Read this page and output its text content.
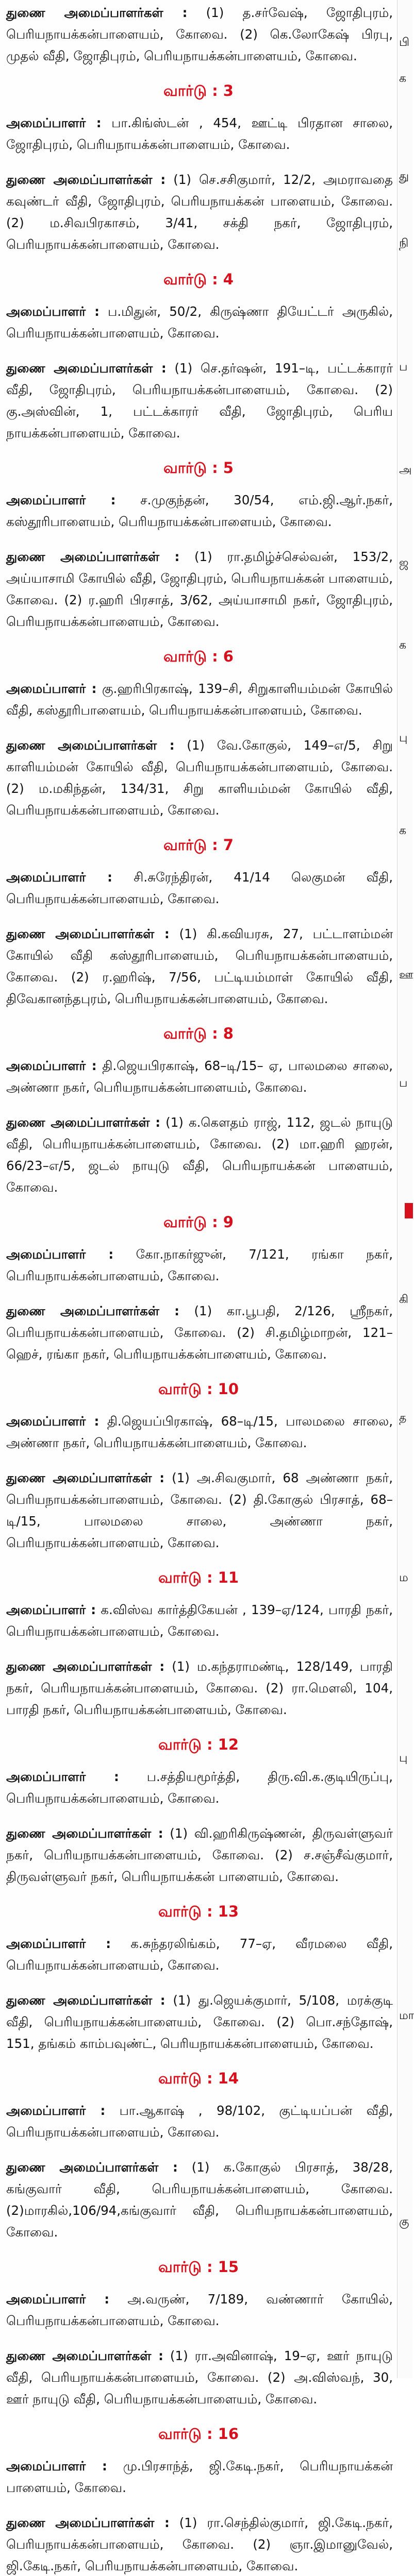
துணை அமைப்பாளர்கள் : (1) த.சர்வேஷ், ஜோதிபுரம், பெரியநாயக்கன்பாளையம், கோவை. (2) கெ.லோகேஷ் பிரபு, முதல் வீதி, ஜோதிபுரம், பெரியநாயக்கன்பாளையம், கோவை.
வார்டு : 3
அமைப்பாளர் : பா.கிங்ஸ்டன் , 454, ஊட்டி பிரதான சாலை, ஜோதிபுரம், பெரியநாயக்கன்பாளையம், கோவை.
துணை அமைப்பாளர்கள் : (1) செ.சசிகுமார், 12/2, அமராவதை கவுண்டர் வீதி, ஜோதிபுரம், பெரியநாயக்கன் பாளையம், கோவை. (2) ம.சிவபிரகாசம், 3/41, சக்தி நகர், ஜோதிபுரம், பெரியநாயக்கன்பாளையம், கோவை.
வார்டு : 4
அமைப்பாளர் : ப.மிதுன், 50/2, கிருஷ்ணா தியேட்டர் அருகில், பெரியநாயக்கன்பாளையம், கோவை.
துணை அமைப்பாளர்கள் : (1) செ.தர்ஷன், 191–டி, பட்டக்காரர் வீதி, ஜோதிபுரம், பெரியநாயக்கன்பாளையம், கோவை. (2) கு.அஸ்வின், 1, பட்டக்காரர் வீதி, ஜோதிபுரம், பெரிய நாயக்கன்பாளையம், கோவை.
வார்டு : 5
அமைப்பாளர் : ச.முகுந்தன், 30/54, எம்.ஜி.ஆர்.நகர், கஸ்தூரிபாளையம், பெரியநாயக்கன்பாளையம், கோவை.
துணை அமைப்பாளர்கள் : (1) ரா.தமிழ்ச்செல்வன், 153/2, அய்யாசாமி கோயில் வீதி, ஜோதிபுரம், பெரியநாயக்கன் பாளையம், கோவை. (2) ர.ஹரி பிரசாத், 3/62, அய்யாசாமி நகர், ஜோதிபுரம், பெரியநாயக்கன்பாளையம், கோவை.
வார்டு : 6
அமைப்பாளர் : கு.ஹரிபிரகாஷ், 139–சி, சிறுகாளியம்மன் கோயில் வீதி, கஸ்தூரிபாளையம், பெரியநாயக்கன்பாளையம், கோவை.
துணை அமைப்பாளர்கள் : (1) வே.கோகுல், 149–எ/5, சிறு காளியம்மன் கோயில் வீதி, பெரியநாயக்கன்பாளையம், கோவை. (2) ம.மகிந்தன், 134/31, சிறு காளியம்மன் கோயில் வீதி, பெரியநாயக்கன்பாளையம், கோவை.
வார்டு : 7
அமைப்பாளர் : சி.சுரேந்திரன், 41/14 லெகுமன் வீதி, பெரியநாயக்கன்பாளையம், கோவை.
துணை அமைப்பாளர்கள் : (1) கி.கவியரசு, 27, பட்டாளம்மன் கோயில் வீதி கஸ்தூரிபாளையம், பெரியநாயக்கன்பாளையம், கோவை. (2) ர.ஹரிஷ், 7/56, பட்டியம்மாள் கோயில் வீதி, திவேகானந்தபுரம், பெரியநாயக்கன்பாளையம், கோவை.
வார்டு : 8
அமைப்பாளர் : தி.ஜெயபிரகாஷ், 68–டி/15– ஏ, பாலமலை சாலை, அண்ணா நகர், பெரியநாயக்கன்பாளையம், கோவை.
துணை அமைப்பாளர்கள் : (1) க.கௌதம் ராஜ், 112, ஜடல் நாயுடு வீதி, பெரியநாயக்கன்பாளையம், கோவை. (2) மா.ஹரி ஹரன், 66/23–எ/5, ஜடல் நாயுடு வீதி, பெரியநாயக்கன் பாளையம், கோவை.
வார்டு : 9
அமைப்பாளர் : கோ.நாகர்ஜுன், 7/121, ரங்கா நகர், பெரியநாயக்கன்பாளையம், கோவை.
துணை அமைப்பாளர்கள் : (1) கா.பூபதி, 2/126, ஸ்ரீநகர், பெரியநாயக்கன்பாளையம், கோவை. (2) சி.தமிழ்மாறன், 121–ஹெச், ரங்கா நகர், பெரியநாயக்கன்பாளையம், கோவை.
வார்டு : 10
அமைப்பாளர் : தி.ஜெயப்பிரகாஷ், 68–டி/15, பாலமலை சாலை, அண்ணா நகர், பெரியநாயக்கன்பாளையம், கோவை.
துணை அமைப்பாளர்கள் : (1) அ.சிவகுமார், 68 அண்ணா நகர், பெரியநாயக்கன்பாளையம், கோவை. (2) தி.கோகுல் பிரசாத், 68–டி/15, பாலமலை சாலை, அண்ணா நகர், பெரியநாயக்கன்பாளையம், கோவை.
வார்டு : 11
அமைப்பாளர் : க.விஸ்வ கார்த்திகேயன் , 139–ஏ/124, பாரதி நகர், பெரியநாயக்கன்பாளையம், கோவை.
துணை அமைப்பாளர்கள் : (1) ம.கந்தராமண்டி, 128/149, பாரதி நகர், பெரியநாயக்கன்பாளையம், கோவை. (2) ரா.மௌலி, 104, பாரதி நகர், பெரியநாயக்கன்பாளையம், கோவை.
வார்டு : 12
அமைப்பாளர் : ப.சத்தியமூர்த்தி, திரு.வி.க.குடியிருப்பு, பெரியநாயக்கன்பாளையம், கோவை.
துணை அமைப்பாளர்கள் : (1) வி.ஹரிகிருஷ்ணன், திருவள்ளுவர் நகர், பெரியநாயக்கன்பாளையம், கோவை. (2) ச.சஞ்சீவ்குமார், திருவள்ளுவர் நகர், பெரியநாயக்கன் பாளையம், கோவை.
வார்டு : 13
அமைப்பாளர் : க.சுந்தரலிங்கம், 77–ஏ, வீரமலை வீதி, பெரியநாயக்கன்பாளையம், கோவை.
துணை அமைப்பாளர்கள் : (1) து.ஜெயக்குமார், 5/108, மரக்குடி வீதி, பெரியநாயக்கன்பாளையம், கோவை. (2) பொ.சந்தோஷ், 151, தங்கம் காம்பவுண்ட், பெரியநாயக்கன்பாளையம், கோவை.
வார்டு : 14
அமைப்பாளர் : பா.ஆகாஷ் , 98/102, குட்டியப்பன் வீதி, பெரியநாயக்கன்பாளையம், கோவை.
துணை அமைப்பாளர்கள் : (1) க.கோகுல் பிரசாத், 38/28, கங்குவார் வீதி, பெரியநாயக்கன்பாளையம், கோவை. (2)மாரகில்,106/94,கங்குவார் வீதி, பெரியநாயக்கன்பாளையம், கோவை.
வார்டு : 15
அமைப்பாளர் : அ.வருண், 7/189, வண்ணார் கோயில், பெரியநாயக்கன்பாளையம், கோவை.
துணை அமைப்பாளர்கள் : (1) ரா.அவினாஷ், 19–ஏ, ஊர் நாயுடு வீதி, பெரியநாயக்கன்பாளையம், கோவை. (2) அ.விஸ்வந், 30, ஊர் நாயுடு வீதி, பெரியநாயக்கன்பாளையம், கோவை.
வார்டு : 16
அமைப்பாளர் : மு.பிரசாந்த், ஜி.கேடி.நகர், பெரியநாயக்கன் பாளையம், கோவை.
துணை அமைப்பாளர்கள் : (1) ரா.செந்தில்குமார், ஜி.கேடி.நகர், பெரியநாயக்கன்பாளையம், கோவை. (2) ஞா.இமானுவேல், ஜி.கேடி.நகர், பெரியநாயக்கன்பாளையம், கோவை.
பி
க
து
நி
ப
அ
ஜ
க
பு
க
ஊ
ப
கி
த
ம
பு
மா
கு
